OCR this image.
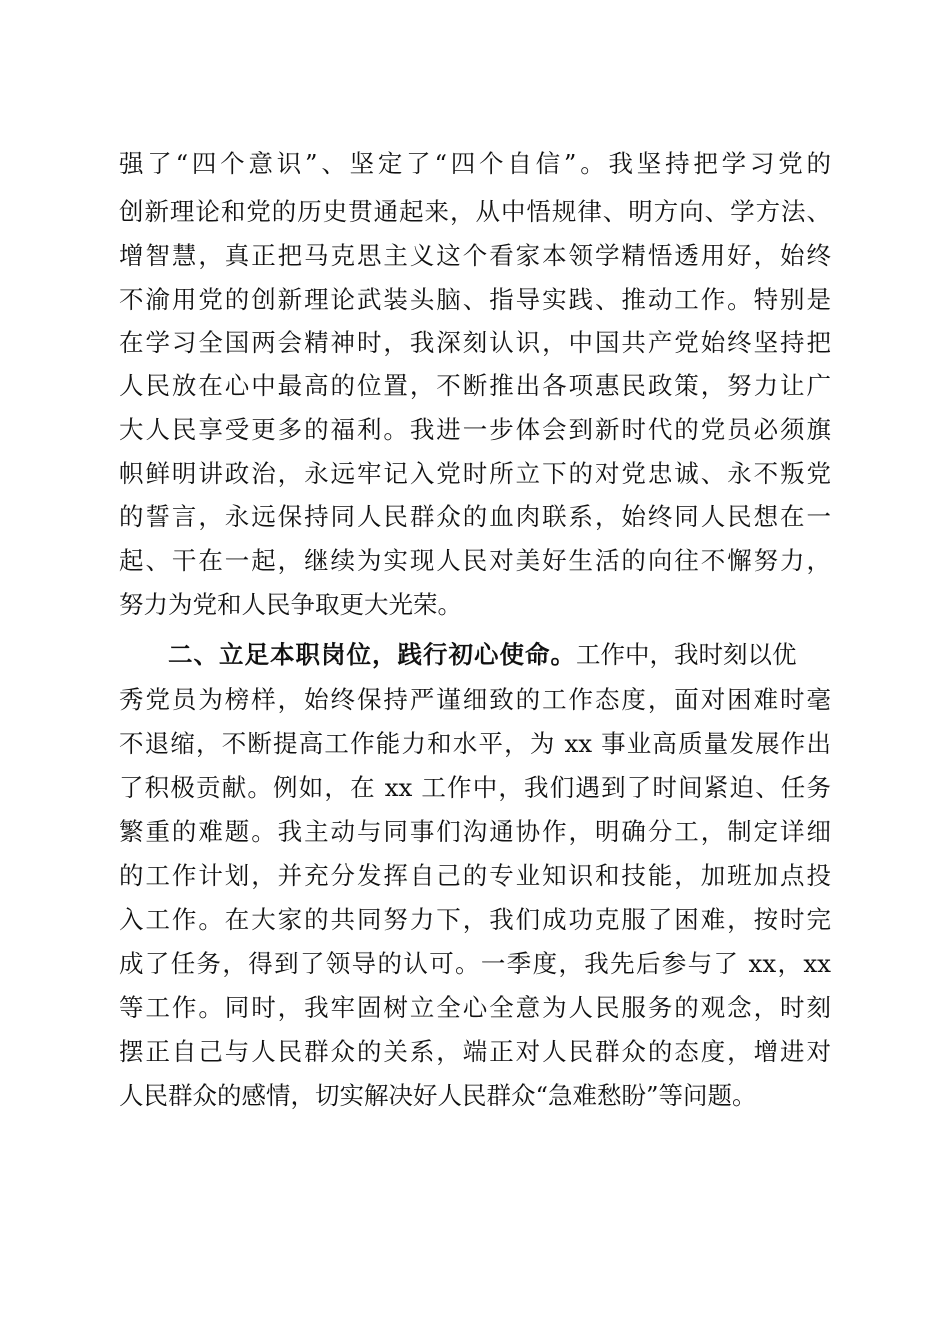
强了“四个意识”、坚定了“四个自信”。我坚持把学习党的
创新理论和党的历史贯通起来，从中悟规律、明方向、学方法、
增智慧，真正把马克思主义这个看家本领学精悟透用好，始终
不渝用党的创新理论武装头脑、指导实践、推动工作。特别是
在学习全国两会精神时，我深刻认识，中国共产党始终坚持把
人民放在心中最高的位置，不断推出各项惠民政策，努力让广
大人民享受更多的福利。我进一步体会到新时代的党员必须旗
帜鲜明讲政治，永远牢记入党时所立下的对党忠诚、永不叛党
的誓言，永远保持同人民群众的血肉联系，始终同人民想在一
起、干在一起，继续为实现人民对美好生活的向往不懈努力，
努力为党和人民争取更大光荣。
二、立足本职岗位，践行初心使命。工作中，我时刻以优
秀党员为榜样，始终保持严谨细致的工作态度，面对困难时毫
不退缩，不断提高工作能力和水平，为 xx 事业高质量发展作出
了积极贡献。例如，在 xx 工作中，我们遇到了时间紧迫、任务
繁重的难题。我主动与同事们沟通协作，明确分工，制定详细
的工作计划，并充分发挥自己的专业知识和技能，加班加点投
入工作。在大家的共同努力下，我们成功克服了困难，按时完
成了任务，得到了领导的认可。一季度，我先后参与了 xx，xx
等工作。同时，我牢固树立全心全意为人民服务的观念，时刻
摆正自己与人民群众的关系，端正对人民群众的态度，增进对
人民群众的感情，切实解决好人民群众“急难愁盼”等问题。
